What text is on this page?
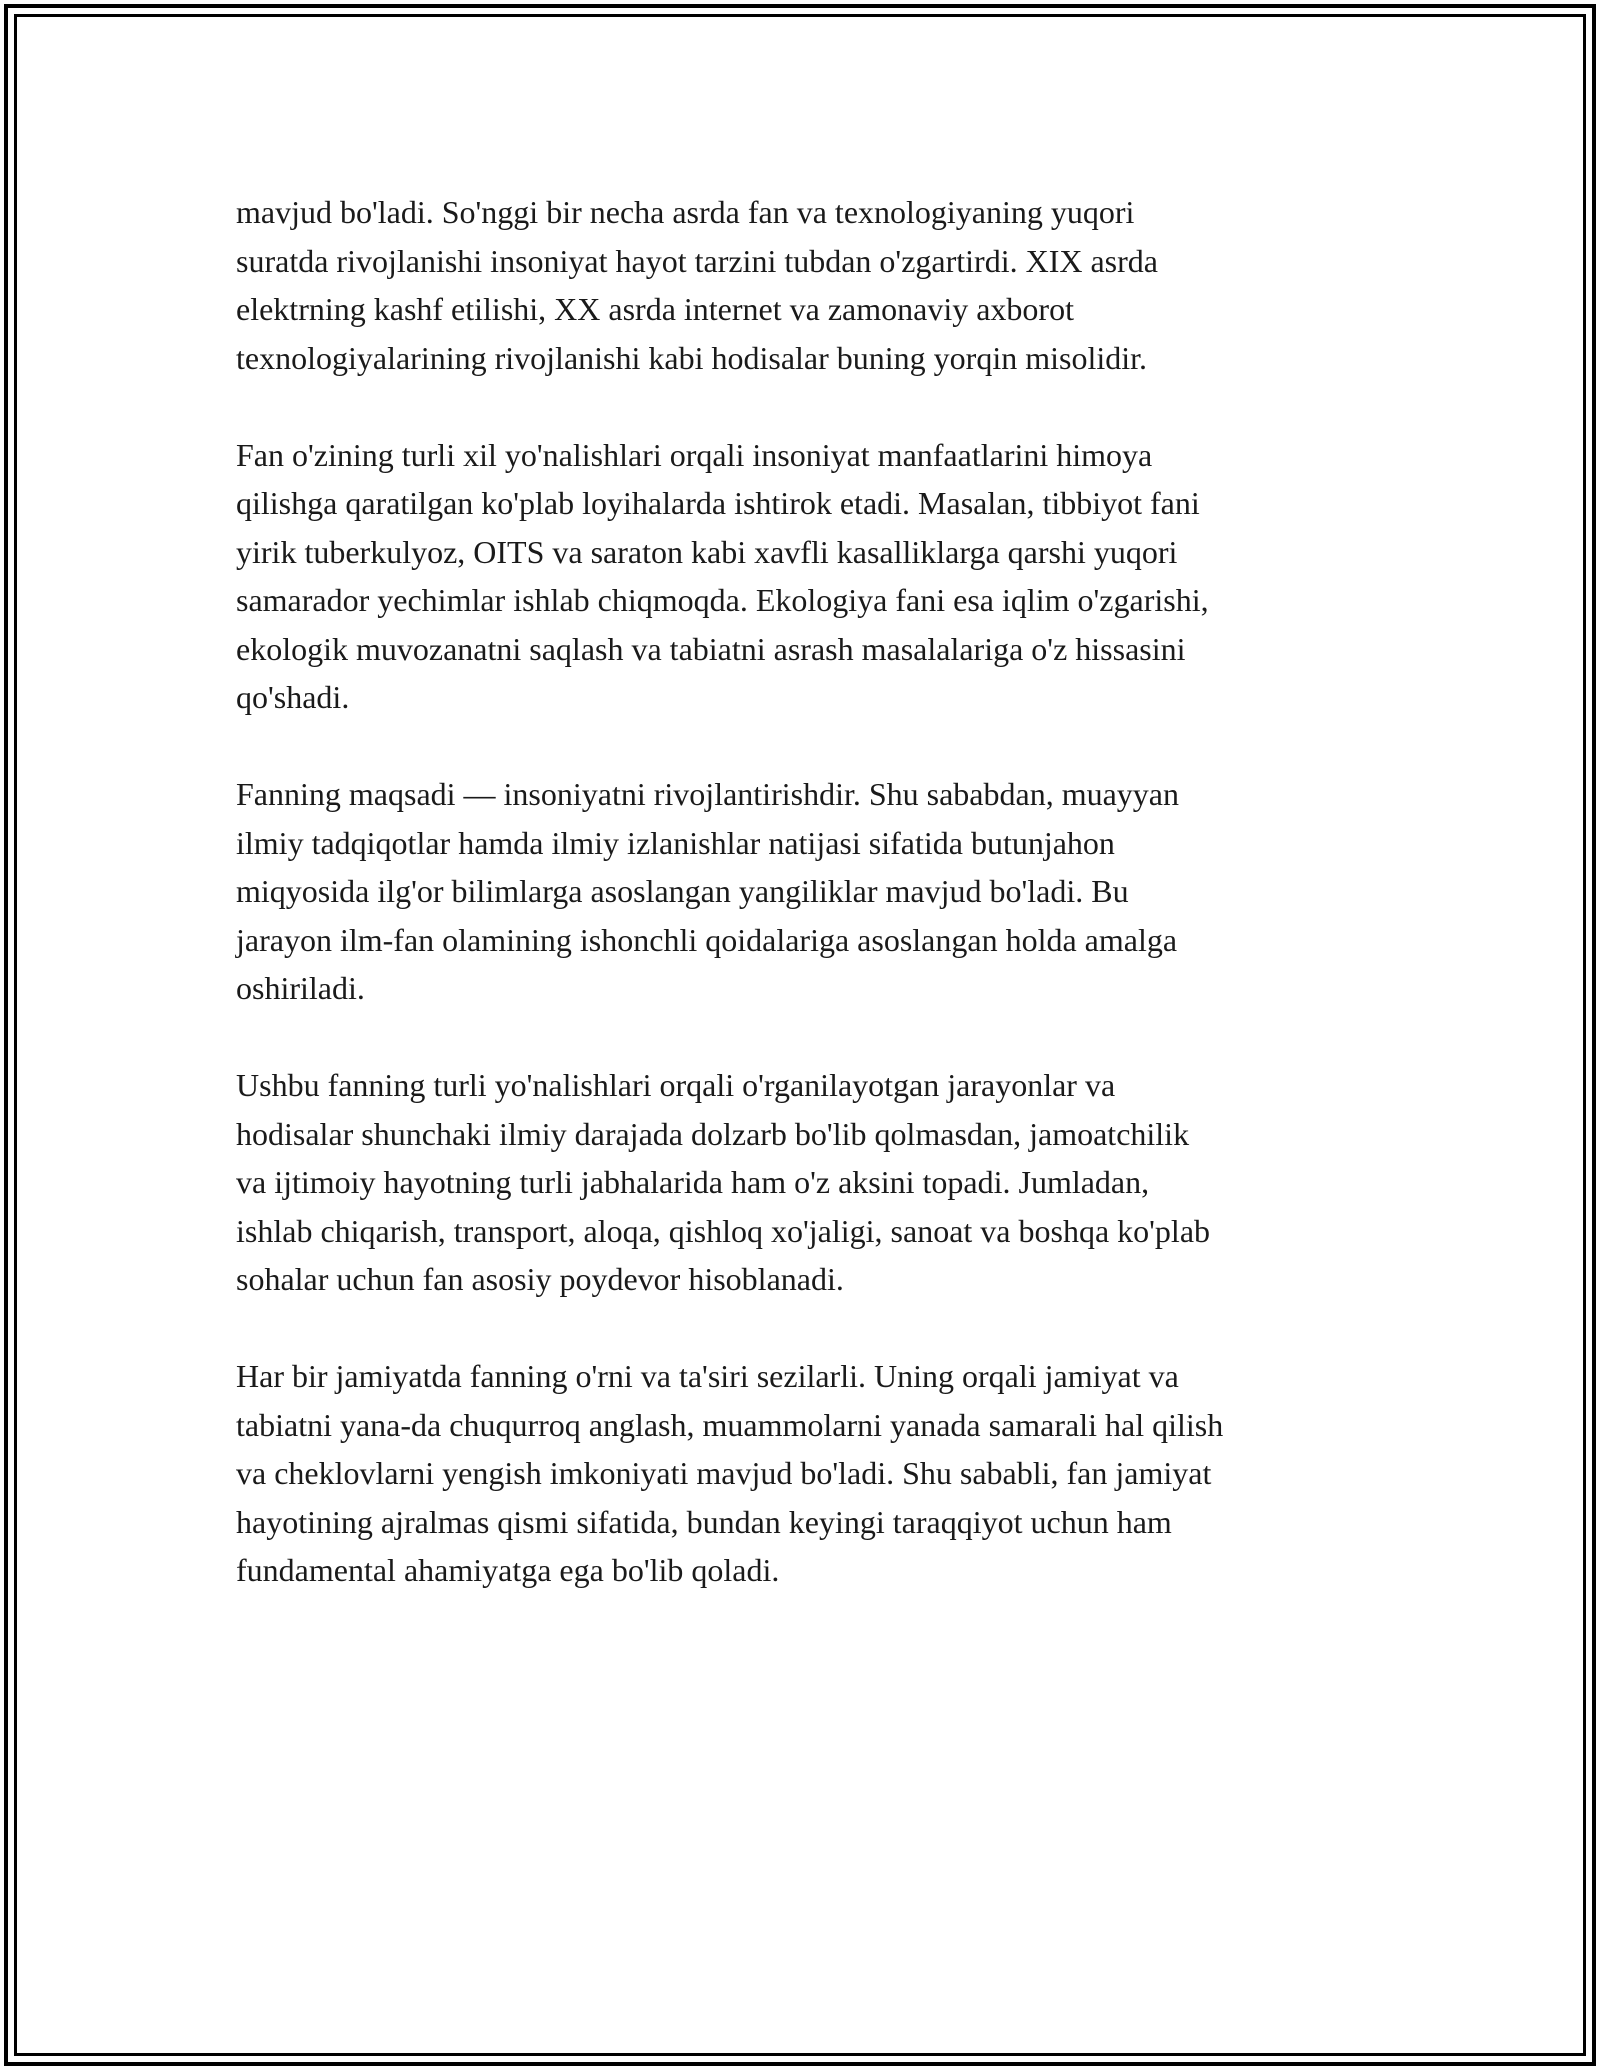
mavjud bo'ladi. So'nggi bir necha asrda fan va texnologiyaning yuqori
suratda rivojlanishi insoniyat hayot tarzini tubdan o'zgartirdi. XIX asrda
elektrning kashf etilishi, XX asrda internet va zamonaviy axborot
texnologiyalarining rivojlanishi kabi hodisalar buning yorqin misolidir.

Fan o'zining turli xil yo'nalishlari orqali insoniyat manfaatlarini himoya
qilishga qaratilgan ko'plab loyihalarda ishtirok etadi. Masalan, tibbiyot fani
yirik tuberkulyoz, OITS va saraton kabi xavfli kasalliklarga qarshi yuqori
samarador yechimlar ishlab chiqmoqda. Ekologiya fani esa iqlim o'zgarishi,
ekologik muvozanatni saqlash va tabiatni asrash masalalariga o'z hissasini
qo'shadi.

Fanning maqsadi — insoniyatni rivojlantirishdir. Shu sababdan, muayyan
ilmiy tadqiqotlar hamda ilmiy izlanishlar natijasi sifatida butunjahon
miqyosida ilg'or bilimlarga asoslangan yangiliklar mavjud bo'ladi. Bu
jarayon ilm-fan olamining ishonchli qoidalariga asoslangan holda amalga
oshiriladi.

Ushbu fanning turli yo'nalishlari orqali o'rganilayotgan jarayonlar va
hodisalar shunchaki ilmiy darajada dolzarb bo'lib qolmasdan, jamoatchilik
va ijtimoiy hayotning turli jabhalarida ham o'z aksini topadi. Jumladan,
ishlab chiqarish, transport, aloqa, qishloq xo'jaligi, sanoat va boshqa ko'plab
sohalar uchun fan asosiy poydevor hisoblanadi.

Har bir jamiyatda fanning o'rni va ta'siri sezilarli. Uning orqali jamiyat va
tabiatni yana-da chuqurroq anglash, muammolarni yanada samarali hal qilish
va cheklovlarni yengish imkoniyati mavjud bo'ladi. Shu sababli, fan jamiyat
hayotining ajralmas qismi sifatida, bundan keyingi taraqqiyot uchun ham
fundamental ahamiyatga ega bo'lib qoladi.
